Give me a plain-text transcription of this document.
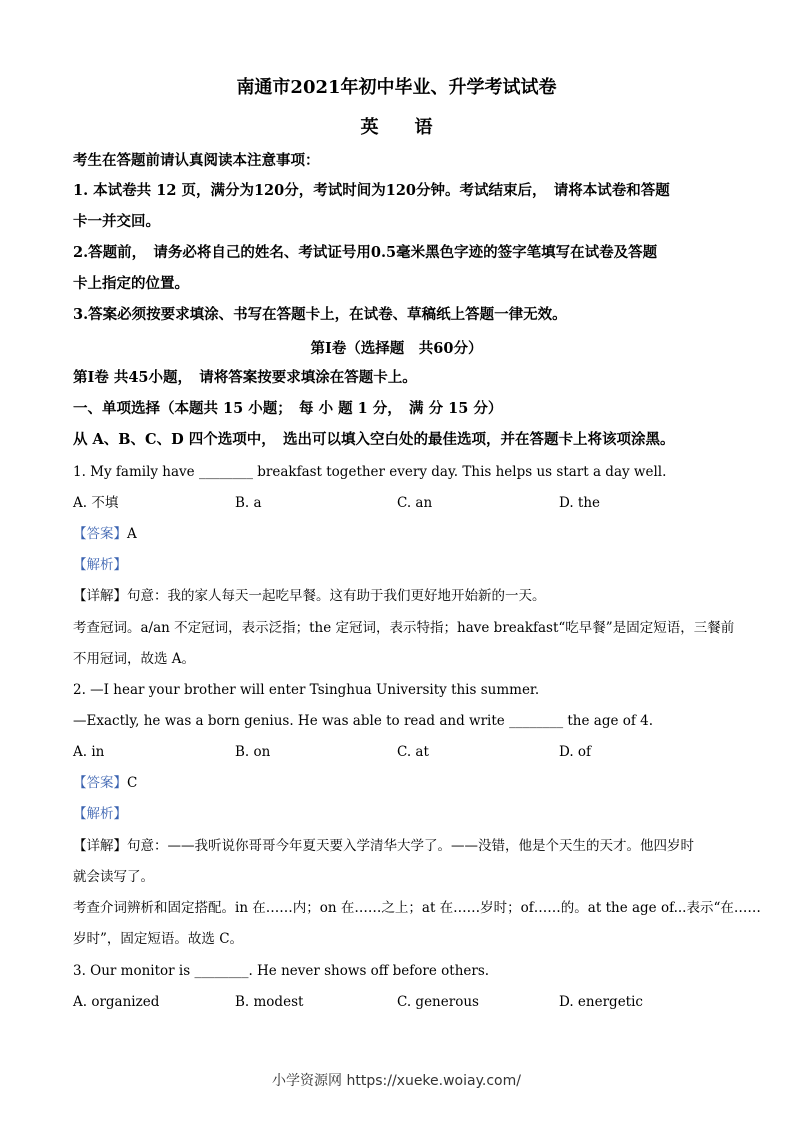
南通市2021年初中毕业、升学考试试卷
英　　语
考生在答题前请认真阅读本注意事项：
1. 本试卷共 12 页，满分为120分，考试时间为120分钟。考试结束后，　请将本试卷和答题
卡一并交回。
2.答题前，　请务必将自己的姓名、考试证号用0.5毫米黑色字迹的签字笔填写在试卷及答题
卡上指定的位置。
3.答案必须按要求填涂、书写在答题卡上，在试卷、草稿纸上答题一律无效。
第I卷（选择题　共60分）
第I卷 共45小题，　请将答案按要求填涂在答题卡上。
一、单项选择（本题共 15 小题；　每 小 题 1 分，　满 分 15 分）
从 A、B、C、D 四个选项中，　选出可以填入空白处的最佳选项，并在答题卡上将该项涂黑。
1. My family have ________ breakfast together every day. This helps us start a day well.
A. 不填	B. a	C. an	D. the
【答案】A
【解析】
【详解】句意：我的家人每天一起吃早餐。这有助于我们更好地开始新的一天。
考查冠词。a/an 不定冠词，表示泛指；the 定冠词，表示特指；have breakfast“吃早餐”是固定短语，三餐前
不用冠词，故选 A。
2. —I hear your brother will enter Tsinghua University this summer.
—Exactly, he was a born genius. He was able to read and write ________ the age of 4.
A. in	B. on	C. at	D. of
【答案】C
【解析】
【详解】句意：——我听说你哥哥今年夏天要入学清华大学了。——没错，他是个天生的天才。他四岁时
就会读写了。
考查介词辨析和固定搭配。in 在……内；on 在……之上；at 在……岁时；of……的。at the age of...表示“在……
岁时”，固定短语。故选 C。
3. Our monitor is ________. He never shows off before others.
A. organized	B. modest	C. generous	D. energetic
小学资源网 https://xueke.woiay.com/
